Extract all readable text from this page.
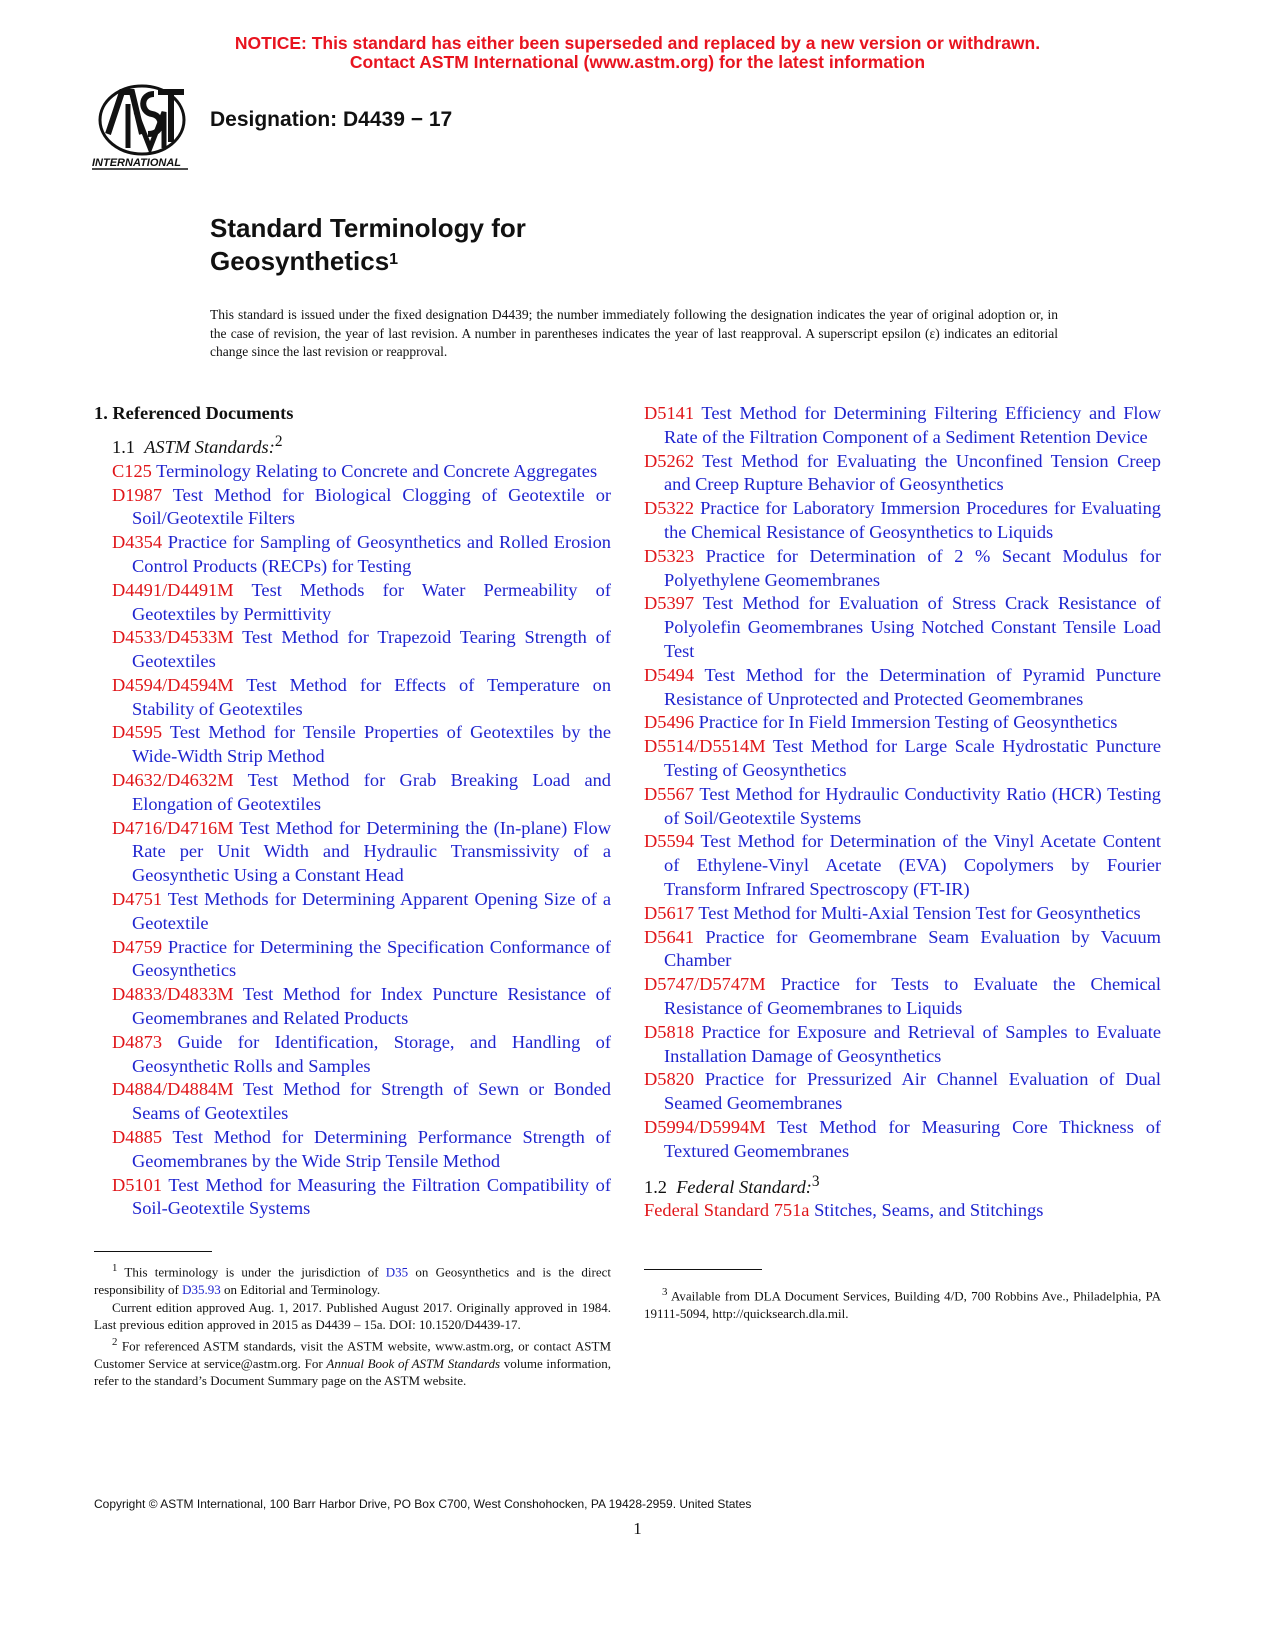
NOTICE: This standard has either been superseded and replaced by a new version or withdrawn.
Contact ASTM International (www.astm.org) for the latest information
INTERNATIONAL
Designation: D4439 − 17
Standard Terminology for
Geosynthetics$^1$
This standard is issued under the fixed designation D4439; the number immediately following the designation indicates the year of original adoption or, in the case of revision, the year of last revision. A number in parentheses indicates the year of last reapproval. A superscript epsilon (ε) indicates an editorial change since the last revision or reapproval.
1. Referenced Documents
1.1 ASTM Standards:$^2$
C125 Terminology Relating to Concrete and Concrete Aggregates
D1987 Test Method for Biological Clogging of Geotextile or Soil/Geotextile Filters
D4354 Practice for Sampling of Geosynthetics and Rolled Erosion Control Products (RECPs) for Testing
D4491/D4491M Test Methods for Water Permeability of Geotextiles by Permittivity
D4533/D4533M Test Method for Trapezoid Tearing Strength of Geotextiles
D4594/D4594M Test Method for Effects of Temperature on Stability of Geotextiles
D4595 Test Method for Tensile Properties of Geotextiles by the Wide-Width Strip Method
D4632/D4632M Test Method for Grab Breaking Load and Elongation of Geotextiles
D4716/D4716M Test Method for Determining the (In-plane) Flow Rate per Unit Width and Hydraulic Transmissivity of a Geosynthetic Using a Constant Head
D4751 Test Methods for Determining Apparent Opening Size of a Geotextile
D4759 Practice for Determining the Specification Conformance of Geosynthetics
D4833/D4833M Test Method for Index Puncture Resistance of Geomembranes and Related Products
D4873 Guide for Identification, Storage, and Handling of Geosynthetic Rolls and Samples
D4884/D4884M Test Method for Strength of Sewn or Bonded Seams of Geotextiles
D4885 Test Method for Determining Performance Strength of Geomembranes by the Wide Strip Tensile Method
D5101 Test Method for Measuring the Filtration Compatibility of Soil-Geotextile Systems

$^1$ This terminology is under the jurisdiction of D35 on Geosynthetics and is the direct responsibility of D35.93 on Editorial and Terminology.

Current edition approved Aug. 1, 2017. Published August 2017. Originally approved in 1984. Last previous edition approved in 2015 as D4439 – 15a. DOI: 10.1520/D4439-17.

$^2$ For referenced ASTM standards, visit the ASTM website, www.astm.org, or contact ASTM Customer Service at service@astm.org. For Annual Book of ASTM Standards volume information, refer to the standard’s Document Summary page on the ASTM website.

D5141 Test Method for Determining Filtering Efficiency and Flow Rate of the Filtration Component of a Sediment Retention Device
D5262 Test Method for Evaluating the Unconfined Tension Creep and Creep Rupture Behavior of Geosynthetics
D5322 Practice for Laboratory Immersion Procedures for Evaluating the Chemical Resistance of Geosynthetics to Liquids
D5323 Practice for Determination of 2 % Secant Modulus for Polyethylene Geomembranes
D5397 Test Method for Evaluation of Stress Crack Resistance of Polyolefin Geomembranes Using Notched Constant Tensile Load Test
D5494 Test Method for the Determination of Pyramid Puncture Resistance of Unprotected and Protected Geomembranes
D5496 Practice for In Field Immersion Testing of Geosynthetics
D5514/D5514M Test Method for Large Scale Hydrostatic Puncture Testing of Geosynthetics
D5567 Test Method for Hydraulic Conductivity Ratio (HCR) Testing of Soil/Geotextile Systems
D5594 Test Method for Determination of the Vinyl Acetate Content of Ethylene-Vinyl Acetate (EVA) Copolymers by Fourier Transform Infrared Spectroscopy (FT-IR)
D5617 Test Method for Multi-Axial Tension Test for Geosynthetics
D5641 Practice for Geomembrane Seam Evaluation by Vacuum Chamber
D5747/D5747M Practice for Tests to Evaluate the Chemical Resistance of Geomembranes to Liquids
D5818 Practice for Exposure and Retrieval of Samples to Evaluate Installation Damage of Geosynthetics
D5820 Practice for Pressurized Air Channel Evaluation of Dual Seamed Geomembranes
D5994/D5994M Test Method for Measuring Core Thickness of Textured Geomembranes
1.2 Federal Standard:$^3$
Federal Standard 751a Stitches, Seams, and Stitchings

$^3$ Available from DLA Document Services, Building 4/D, 700 Robbins Ave., Philadelphia, PA 19111-5094, http://quicksearch.dla.mil.

Copyright © ASTM International, 100 Barr Harbor Drive, PO Box C700, West Conshohocken, PA 19428-2959. United States
1
